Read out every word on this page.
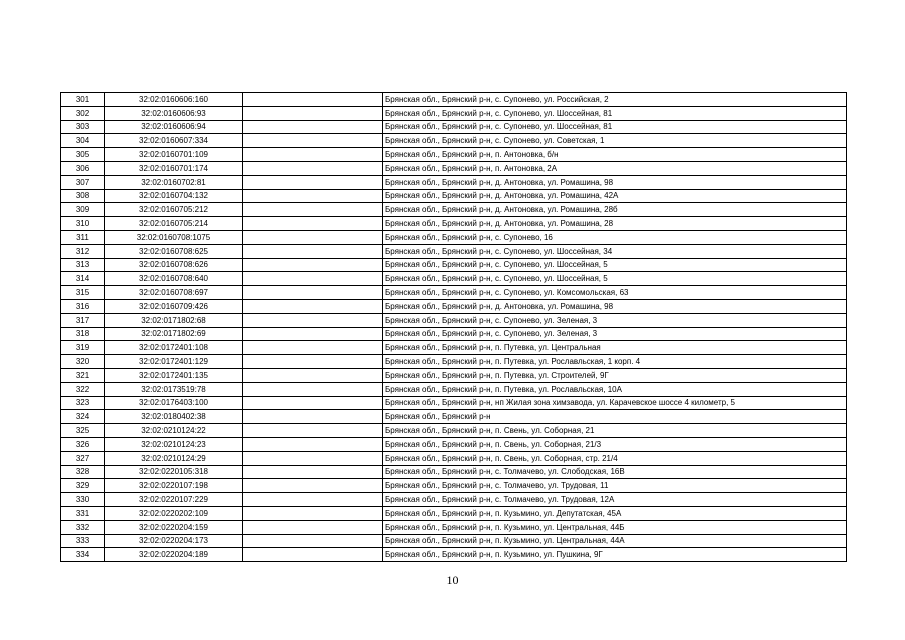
301	32:02:0160606:160		Брянская обл., Брянский р-н, с. Супонево, ул. Российская, 2
302	32:02:0160606:93		Брянская обл., Брянский р-н, с. Супонево, ул. Шоссейная, 81
303	32:02:0160606:94		Брянская обл., Брянский р-н, с. Супонево, ул. Шоссейная, 81
304	32:02:0160607:334		Брянская обл., Брянский р-н, с. Супонево, ул. Советская, 1
305	32:02:0160701:109		Брянская обл., Брянский р-н, п. Антоновка, б/н
306	32:02:0160701:174		Брянская обл., Брянский р-н, п. Антоновка, 2А
307	32:02:0160702:81		Брянская обл., Брянский р-н, д. Антоновка, ул. Ромашина, 98
308	32:02:0160704:132		Брянская обл., Брянский р-н, д. Антоновка, ул. Ромашина, 42А
309	32:02:0160705:212		Брянская обл., Брянский р-н, д. Антоновка, ул. Ромашина, 28б
310	32:02:0160705:214		Брянская обл., Брянский р-н, д. Антоновка, ул. Ромашина, 28
311	32:02:0160708:1075		Брянская обл., Брянский р-н, с. Супонево, 16
312	32:02:0160708:625		Брянская обл., Брянский р-н, с. Супонево, ул. Шоссейная, 34
313	32:02:0160708:626		Брянская обл., Брянский р-н, с. Супонево, ул. Шоссейная, 5
314	32:02:0160708:640		Брянская обл., Брянский р-н, с. Супонево, ул. Шоссейная, 5
315	32:02:0160708:697		Брянская обл., Брянский р-н, с. Супонево, ул. Комсомольская, 63
316	32:02:0160709:426		Брянская обл., Брянский р-н, д. Антоновка, ул. Ромашина, 98
317	32:02:0171802:68		Брянская обл., Брянский р-н, с. Супонево, ул. Зеленая, 3
318	32:02:0171802:69		Брянская обл., Брянский р-н, с. Супонево, ул. Зеленая, 3
319	32:02:0172401:108		Брянская обл., Брянский р-н, п. Путевка, ул. Центральная
320	32:02:0172401:129		Брянская обл., Брянский р-н, п. Путевка, ул. Рославльская, 1 корп. 4
321	32:02:0172401:135		Брянская обл., Брянский р-н, п. Путевка, ул. Строителей, 9Г
322	32:02:0173519:78		Брянская обл., Брянский р-н, п. Путевка, ул. Рославльская, 10А
323	32:02:0176403:100		Брянская обл., Брянский р-н, нп Жилая зона химзавода, ул. Карачевское шоссе 4 километр, 5
324	32:02:0180402:38		Брянская обл., Брянский р-н
325	32:02:0210124:22		Брянская обл., Брянский р-н, п. Свень, ул. Соборная, 21
326	32:02:0210124:23		Брянская обл., Брянский р-н, п. Свень, ул. Соборная, 21/3
327	32:02:0210124:29		Брянская обл., Брянский р-н, п. Свень, ул. Соборная, стр. 21/4
328	32:02:0220105:318		Брянская обл., Брянский р-н, с. Толмачево, ул. Слободская, 16В
329	32:02:0220107:198		Брянская обл., Брянский р-н, с. Толмачево, ул. Трудовая, 11
330	32:02:0220107:229		Брянская обл., Брянский р-н, с. Толмачево, ул. Трудовая, 12А
331	32:02:0220202:109		Брянская обл., Брянский р-н, п. Кузьмино, ул. Депутатская, 45А
332	32:02:0220204:159		Брянская обл., Брянский р-н, п. Кузьмино, ул. Центральная, 44Б
333	32:02:0220204:173		Брянская обл., Брянский р-н, п. Кузьмино, ул. Центральная, 44А
334	32:02:0220204:189		Брянская обл., Брянский р-н, п. Кузьмино, ул. Пушкина, 9Г
10
